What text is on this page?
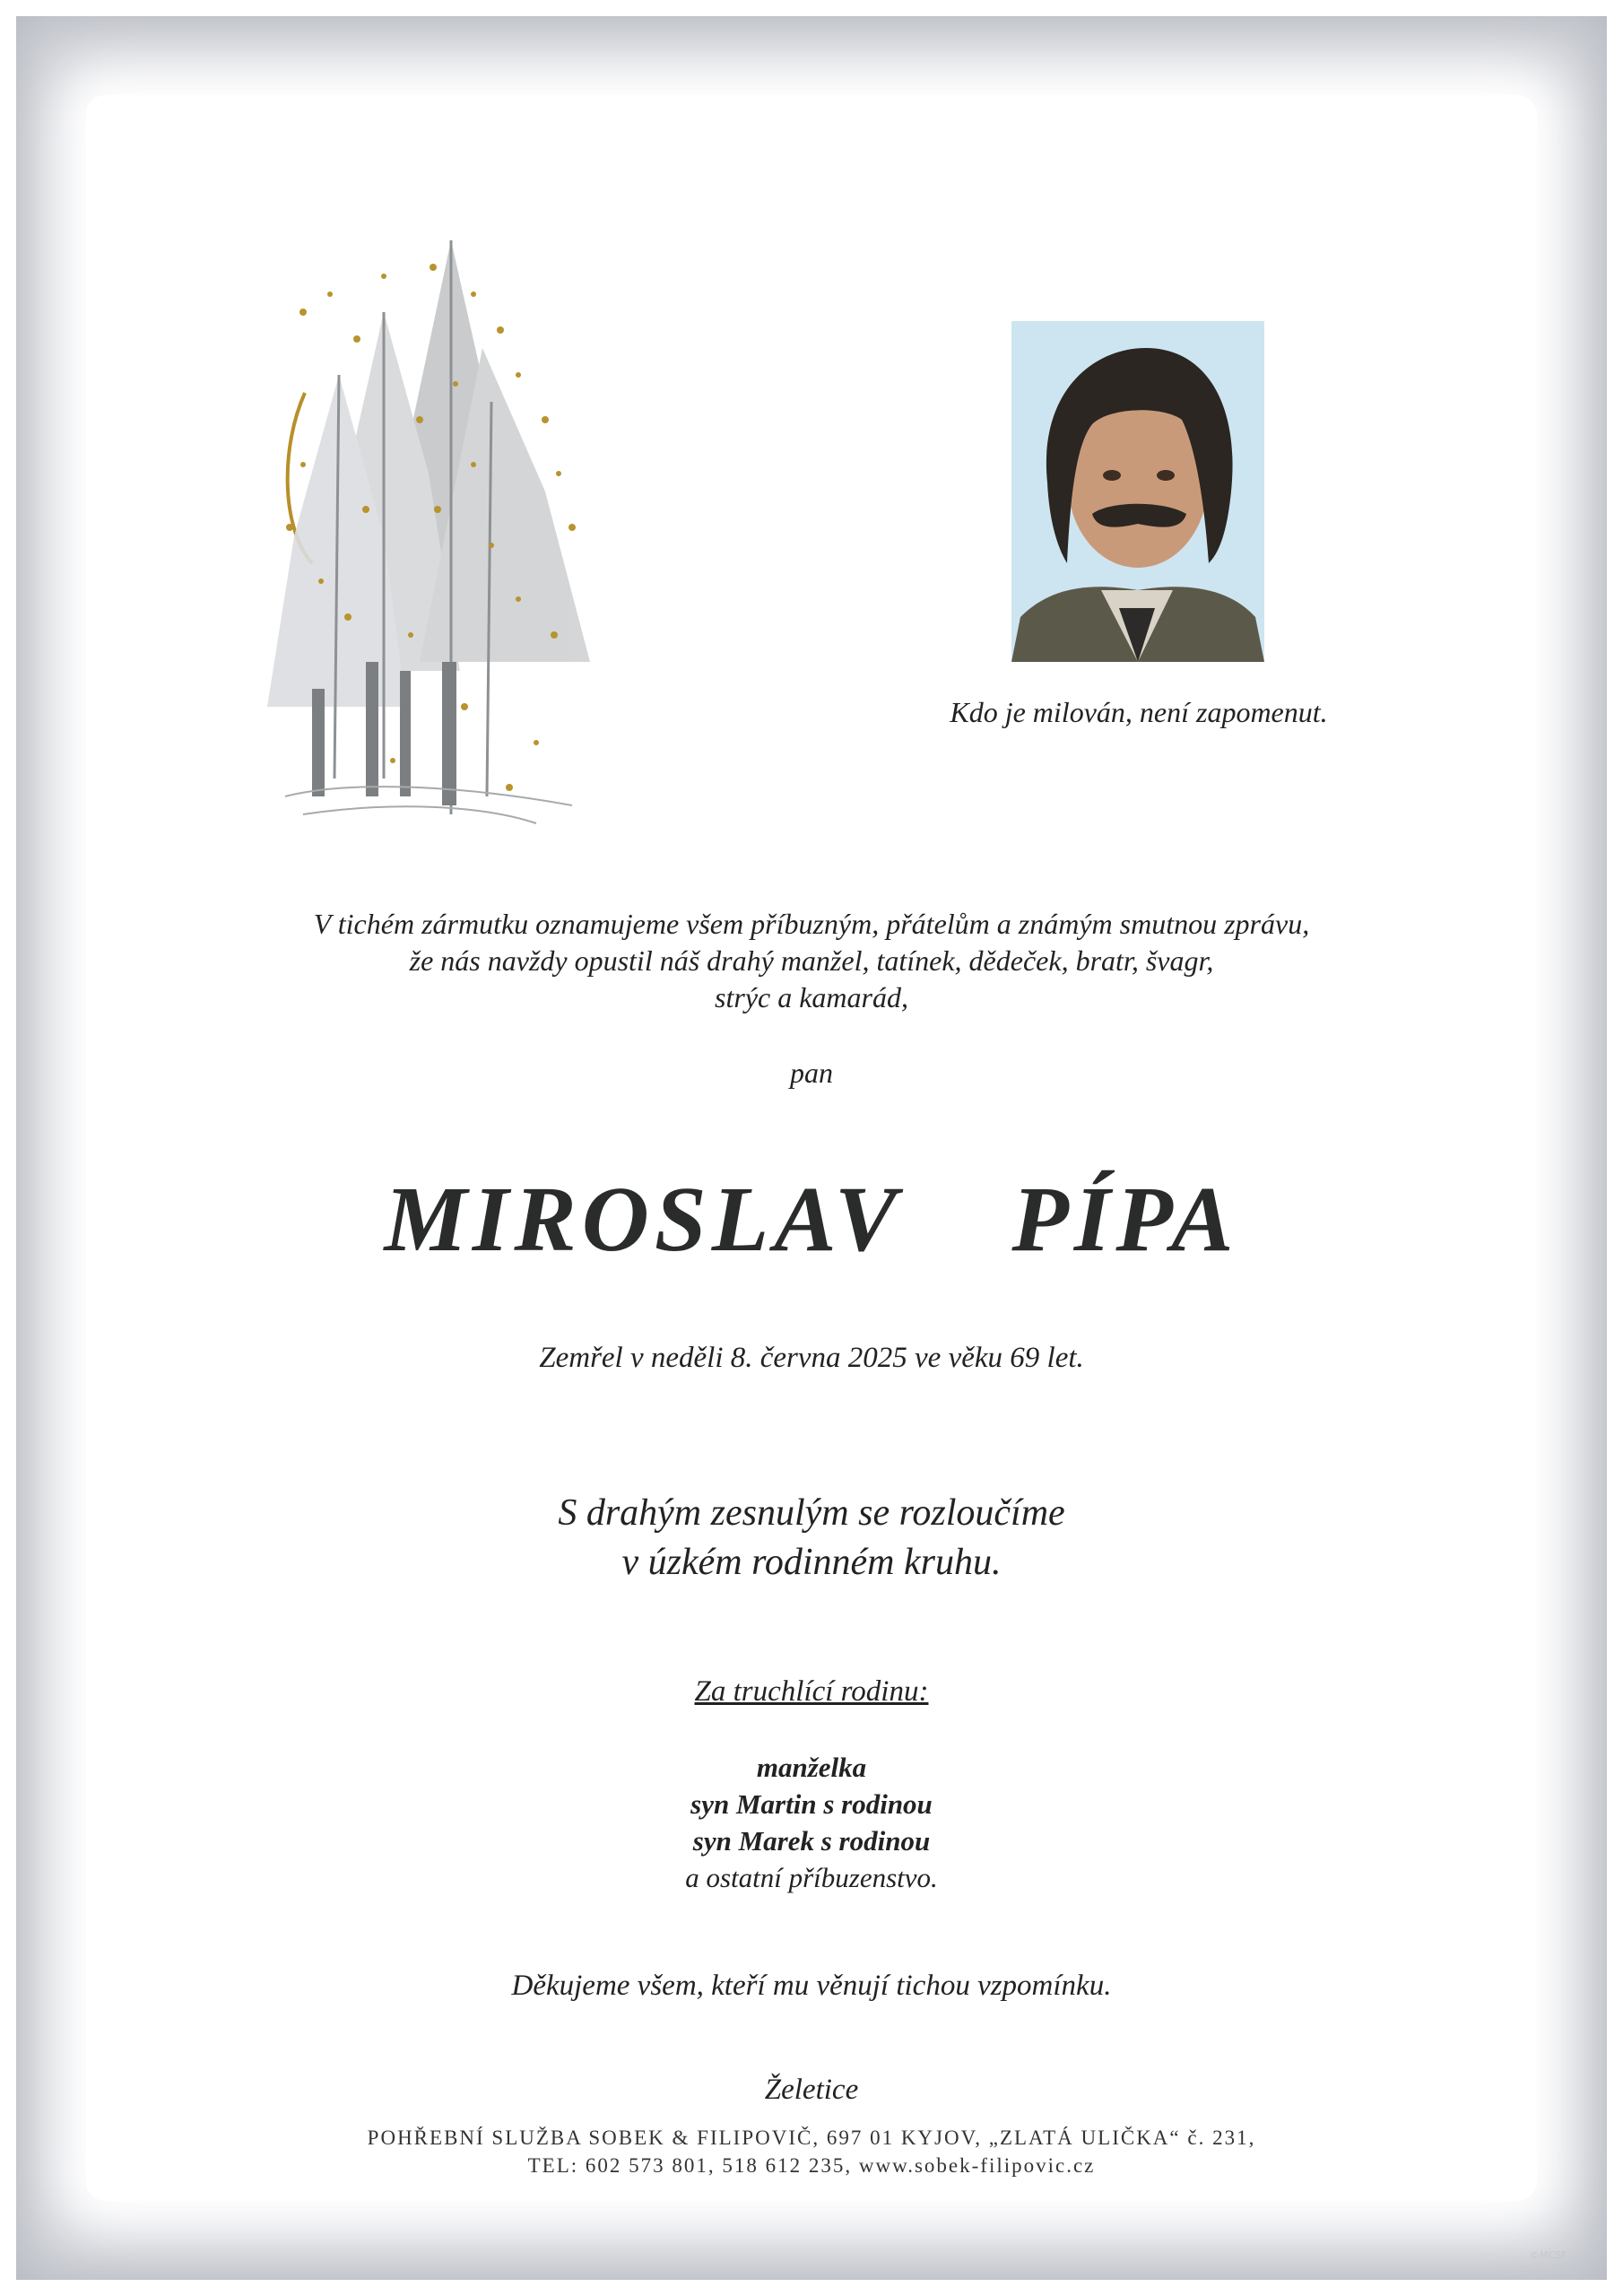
Kdo je milován, není zapomenut.
V tichém zármutku oznamujeme všem příbuzným, přátelům a známým smutnou zprávu,
že nás navždy opustil náš drahý manžel, tatínek, dědeček, bratr, švagr,
strýc a kamarád,
pan
MIROSLAV  PÍPA
Zemřel v neděli 8. června 2025 ve věku 69 let.
S drahým zesnulým se rozloučíme
v úzkém rodinném kruhu.
Za truchlící rodinu:
manželka
syn Martin s rodinou
syn Marek s rodinou
a ostatní příbuzenstvo.
Děkujeme všem, kteří mu věnují tichou vzpomínku.
Želetice
POHŘEBNÍ SLUŽBA SOBEK & FILIPOVIČ, 697 01 KYJOV, „ZLATÁ ULIČKA“ č. 231,
TEL: 602 573 801, 518 612 235, www.sobek-filipovic.cz
©MCSF
